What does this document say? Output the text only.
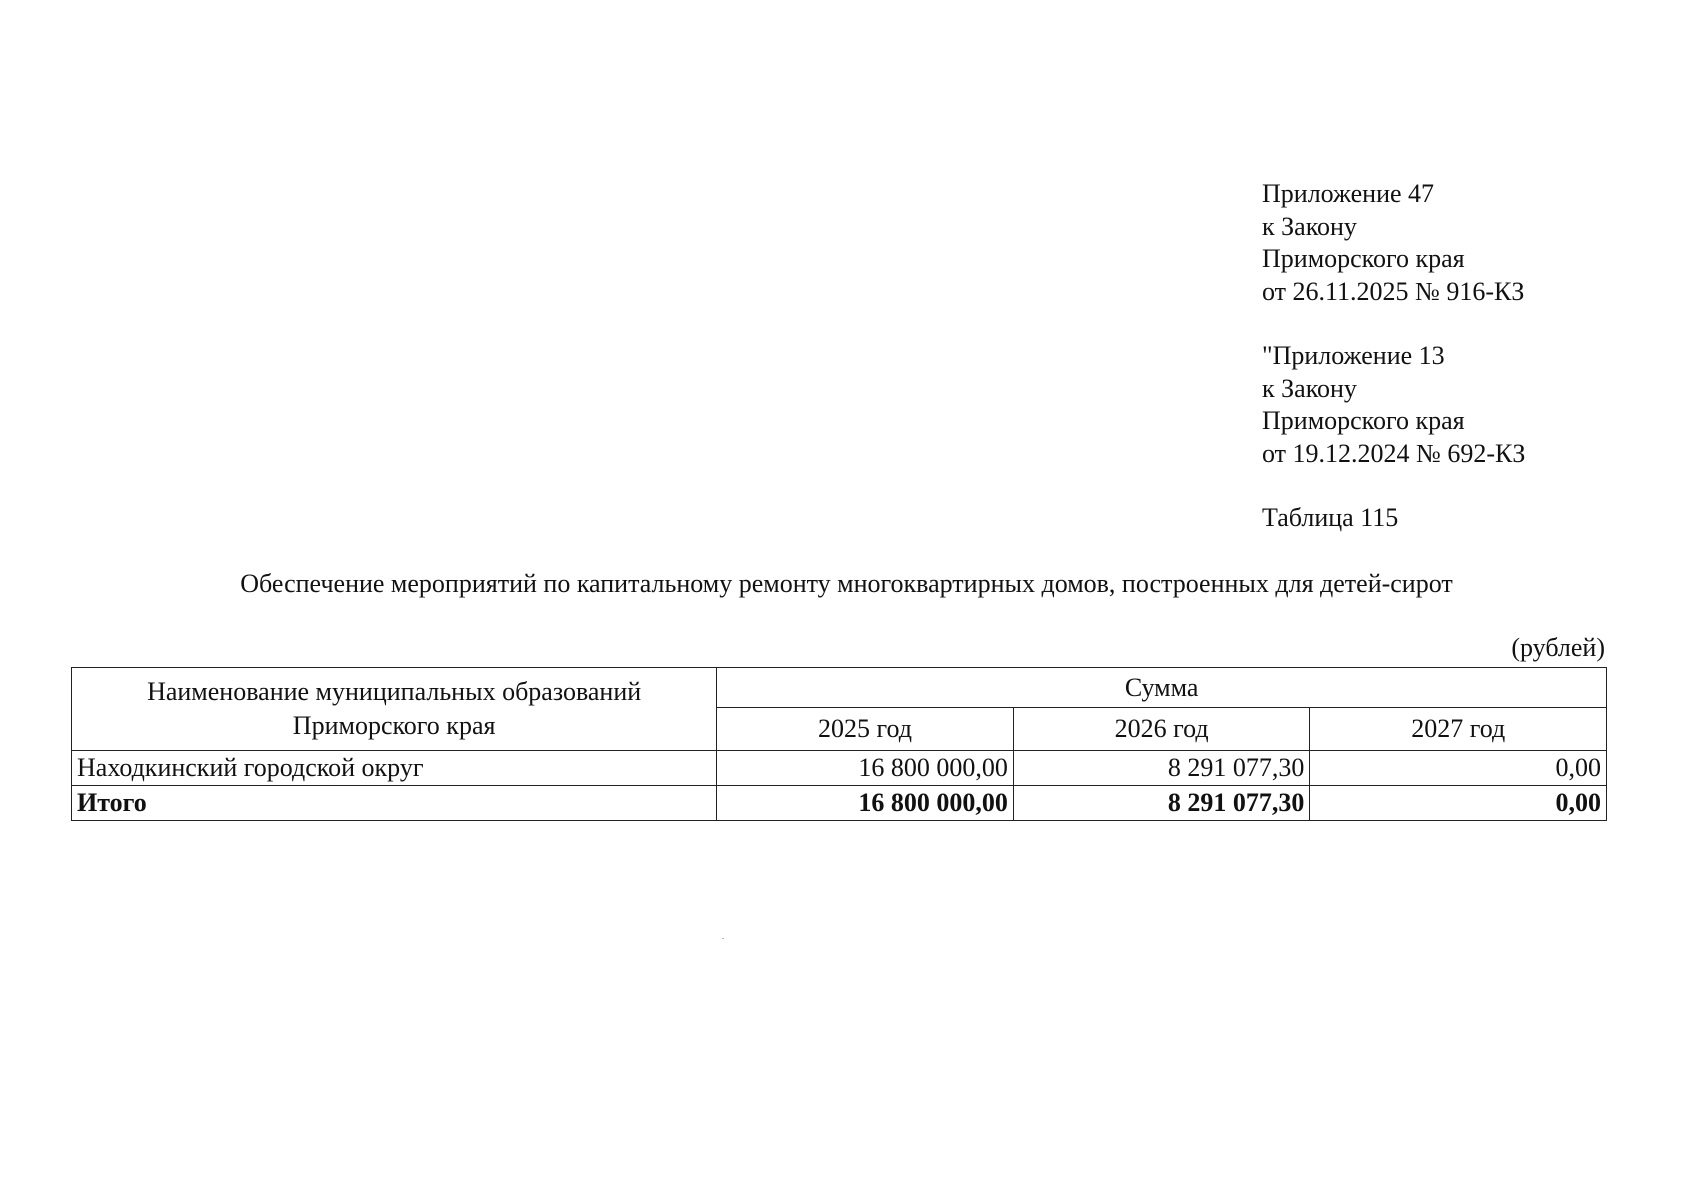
Приложение 47
к Закону
Приморского края
от 26.11.2025 № 916-КЗ
"Приложение 13
к Закону
Приморского края
от 19.12.2024 № 692-КЗ
Таблица 115
Обеспечение мероприятий по капитальному ремонту многоквартирных домов, построенных для детей-сирот
(рублей)
Наименование муниципальных образований
Приморского края	Сумма		
	2025 год	2026 год	2027 год
Находкинский городской округ	16 800 000,00	8 291 077,30	0,00
Итого	16 800 000,00	8 291 077,30	0,00
